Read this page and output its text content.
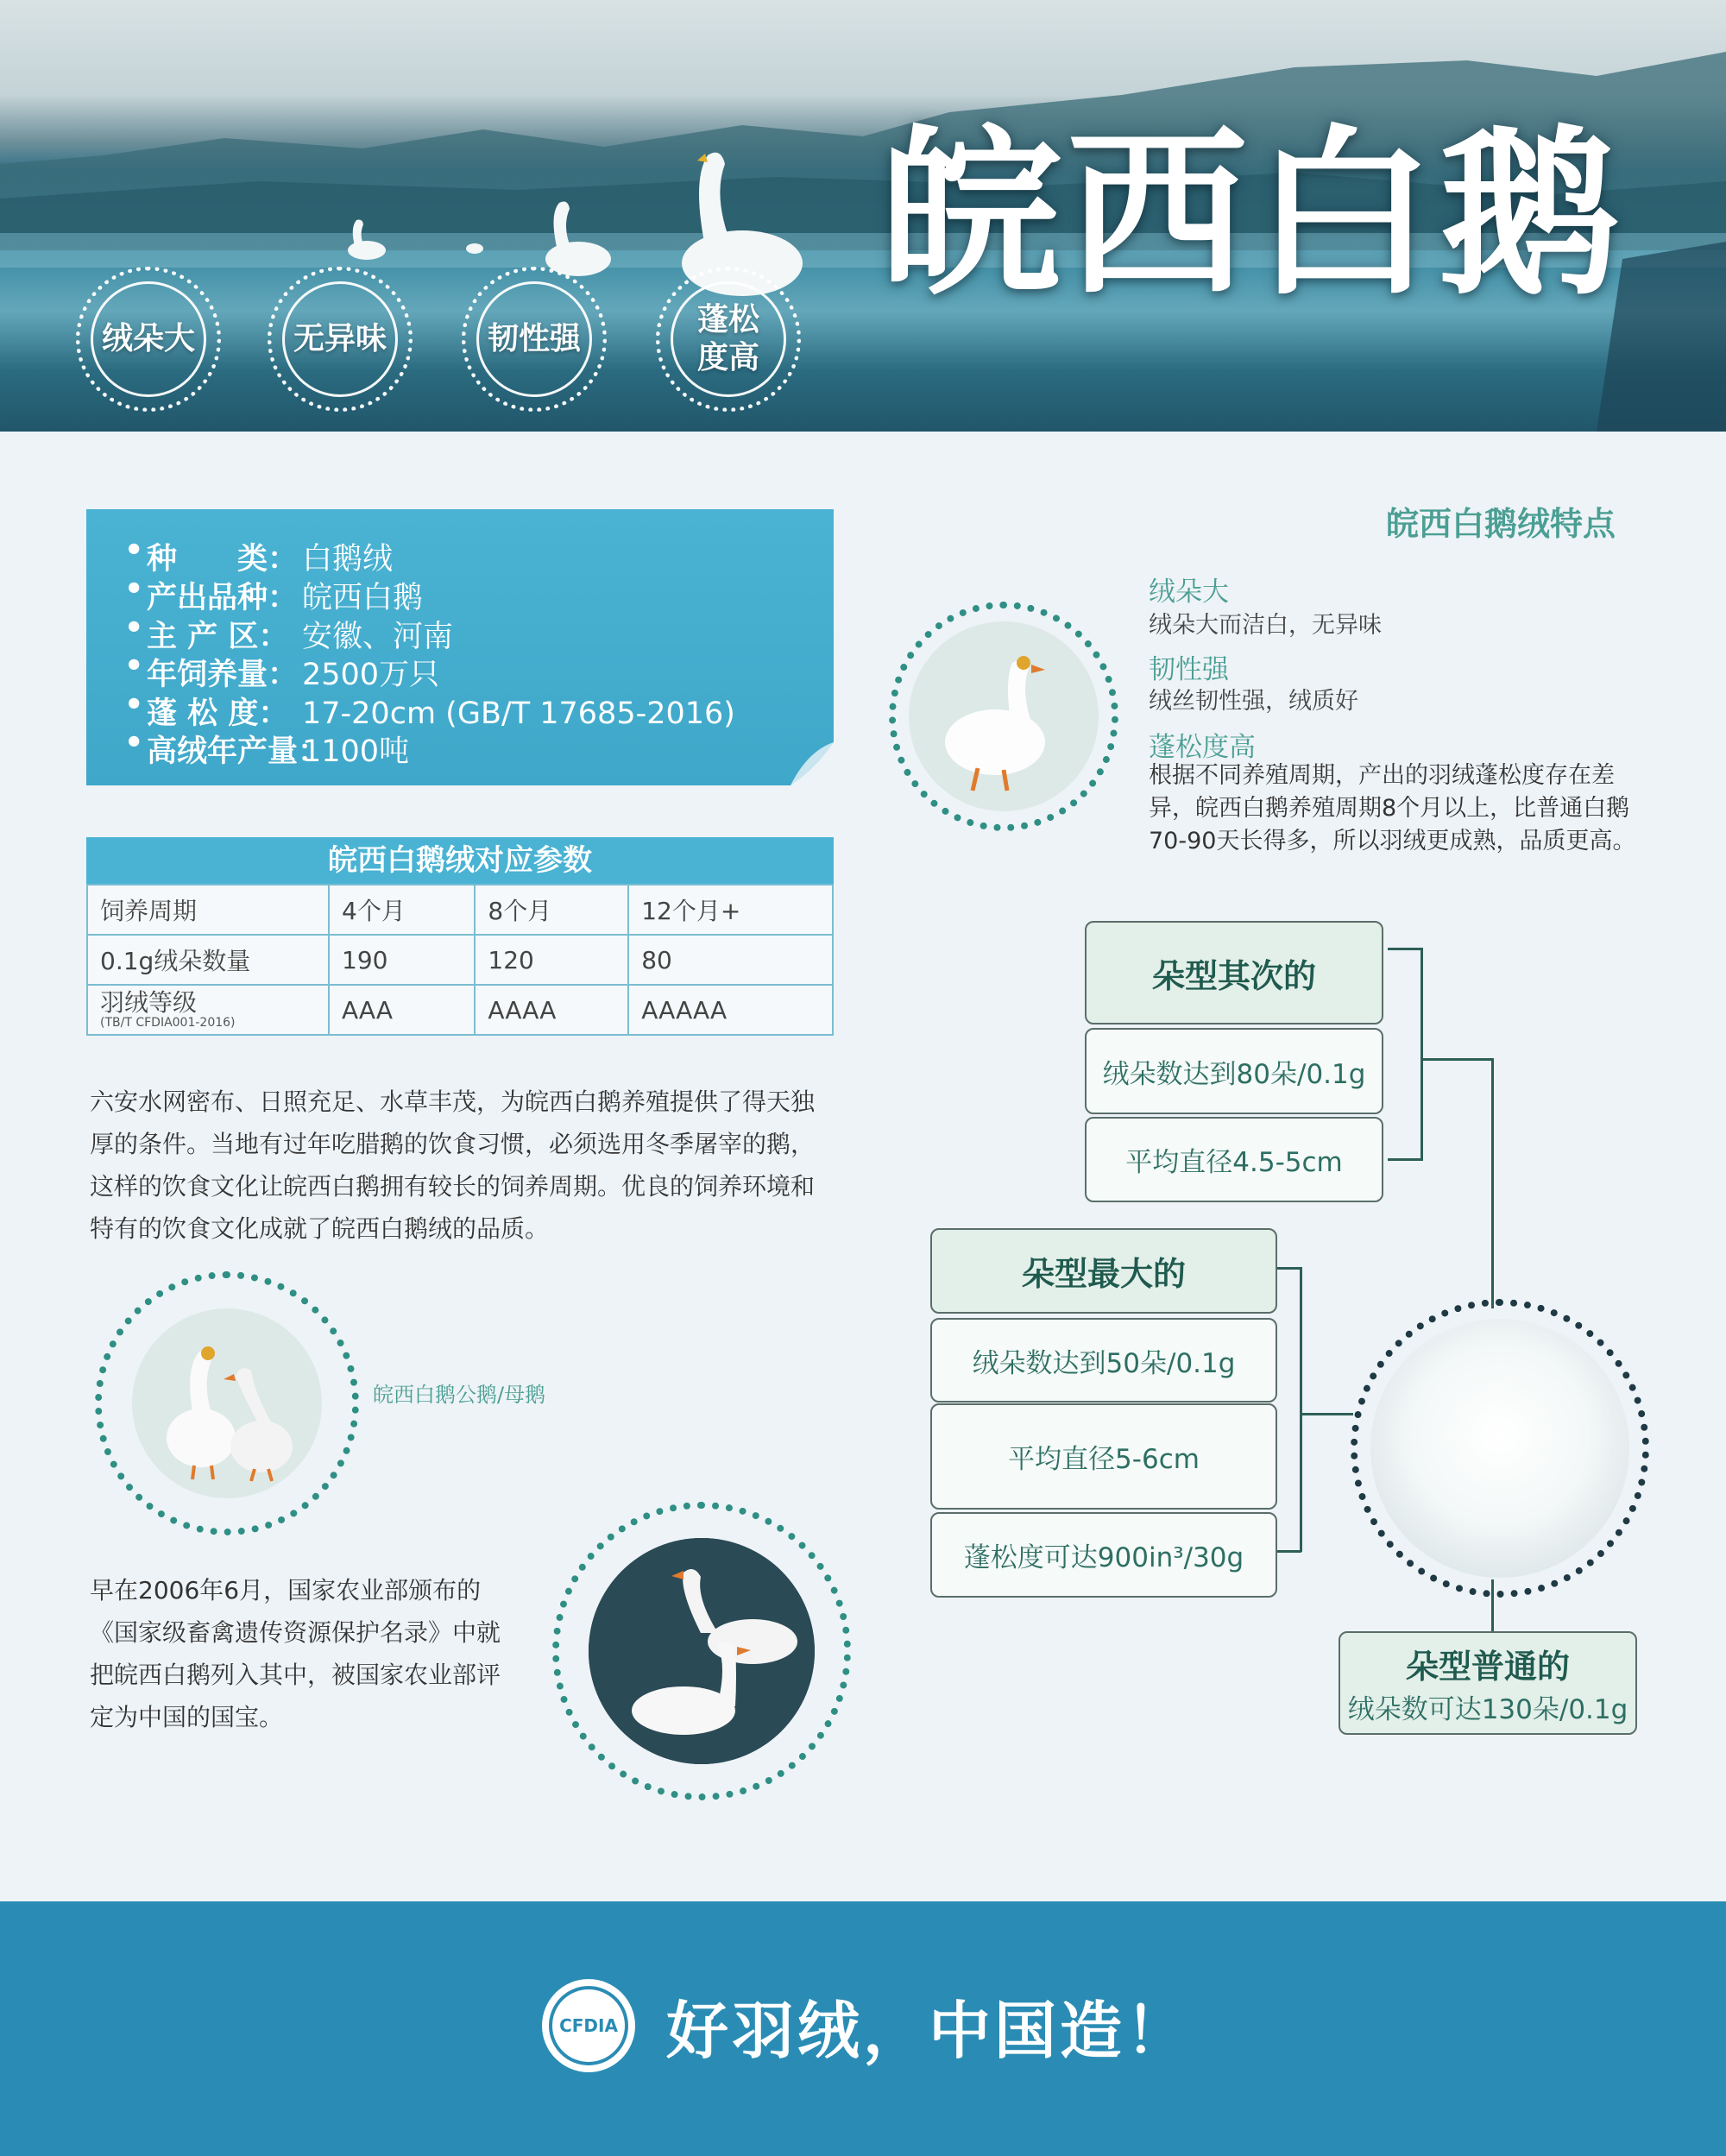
皖西白鹅
绒朵大	无异味	韧性强
蓬松
度高
• 种　　类： 白鹅绒
• 产出品种： 皖西白鹅
• 主 产 区： 安徽、河南
• 年饲养量： 2500万只
• 蓬 松 度： 17-20cm (GB/T 17685-2016)
• 高绒年产量：1100吨
皖西白鹅绒对应参数
饲养周期	4个月	8个月	12个月+
0.1g绒朵数量	190	120	80

羽绒等级
(TB/T CFDIA001-2016)	AAA	AAAA	AAAAA
六安水网密布、日照充足、水草丰茂，为皖西白鹅养殖提供了得天独厚的条件。当地有过年吃腊鹅的饮食习惯，必须选用冬季屠宰的鹅，这样的饮食文化让皖西白鹅拥有较长的饲养周期。优良的饲养环境和特有的饮食文化成就了皖西白鹅绒的品质。
皖西白鹅公鹅/母鹅
早在2006年6月，国家农业部颁布的《国家级畜禽遗传资源保护名录》中就把皖西白鹅列入其中，被国家农业部评定为中国的国宝。
皖西白鹅绒特点
绒朵大
绒朵大而洁白，无异味
韧性强
绒丝韧性强，绒质好
蓬松度高
根据不同养殖周期，产出的羽绒蓬松度存在差异，皖西白鹅养殖周期8个月以上，比普通白鹅70-90天长得多，所以羽绒更成熟，品质更高。
朵型其次的
绒朵数达到80朵/0.1g
平均直径4.5-5cm
朵型最大的
绒朵数达到50朵/0.1g
平均直径5-6cm
蓬松度可达900in³/30g
朵型普通的
绒朵数可达130朵/0.1g
CFDIA 好羽绒，中国造！
